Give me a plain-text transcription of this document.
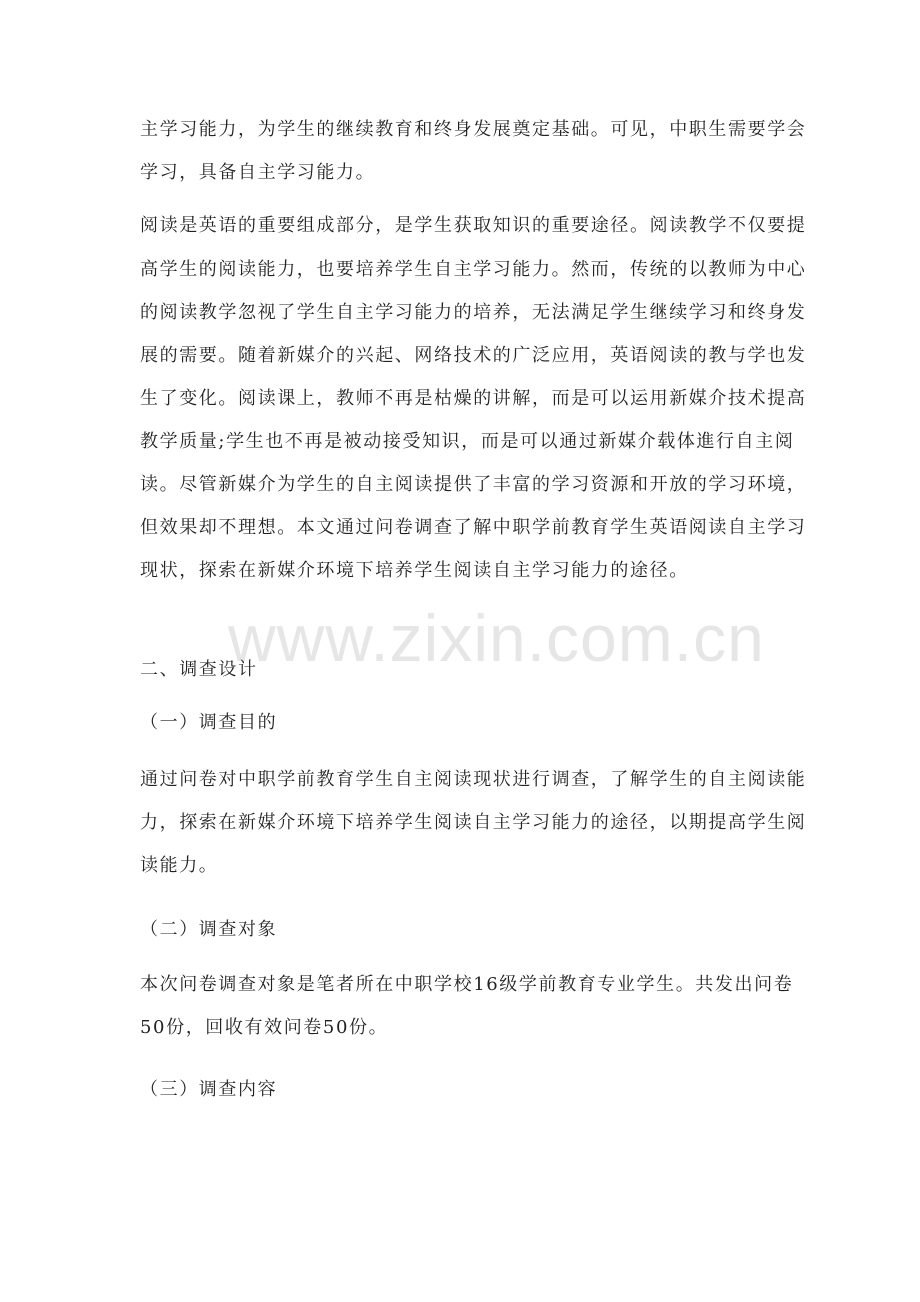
www.zixin.com.cn
主学习能力，为学生的继续教育和终身发展奠定基础。可见，中职生需要学会
学习，具备自主学习能力。
阅读是英语的重要组成部分，是学生获取知识的重要途径。阅读教学不仅要提
高学生的阅读能力，也要培养学生自主学习能力。然而，传统的以教师为中心
的阅读教学忽视了学生自主学习能力的培养，无法满足学生继续学习和终身发
展的需要。随着新媒介的兴起、网络技术的广泛应用，英语阅读的教与学也发
生了变化。阅读课上，教师不再是枯燥的讲解，而是可以运用新媒介技术提高
教学质量;学生也不再是被动接受知识，而是可以通过新媒介载体進行自主阅
读。尽管新媒介为学生的自主阅读提供了丰富的学习资源和开放的学习环境，
但效果却不理想。本文通过问卷调查了解中职学前教育学生英语阅读自主学习
现状，探索在新媒介环境下培养学生阅读自主学习能力的途径。
二、调查设计
（一）调查目的
通过问卷对中职学前教育学生自主阅读现状进行调查，了解学生的自主阅读能
力，探索在新媒介环境下培养学生阅读自主学习能力的途径，以期提高学生阅
读能力。
（二）调查对象
本次问卷调查对象是笔者所在中职学校16级学前教育专业学生。共发出问卷
50份，回收有效问卷50份。
（三）调查内容
